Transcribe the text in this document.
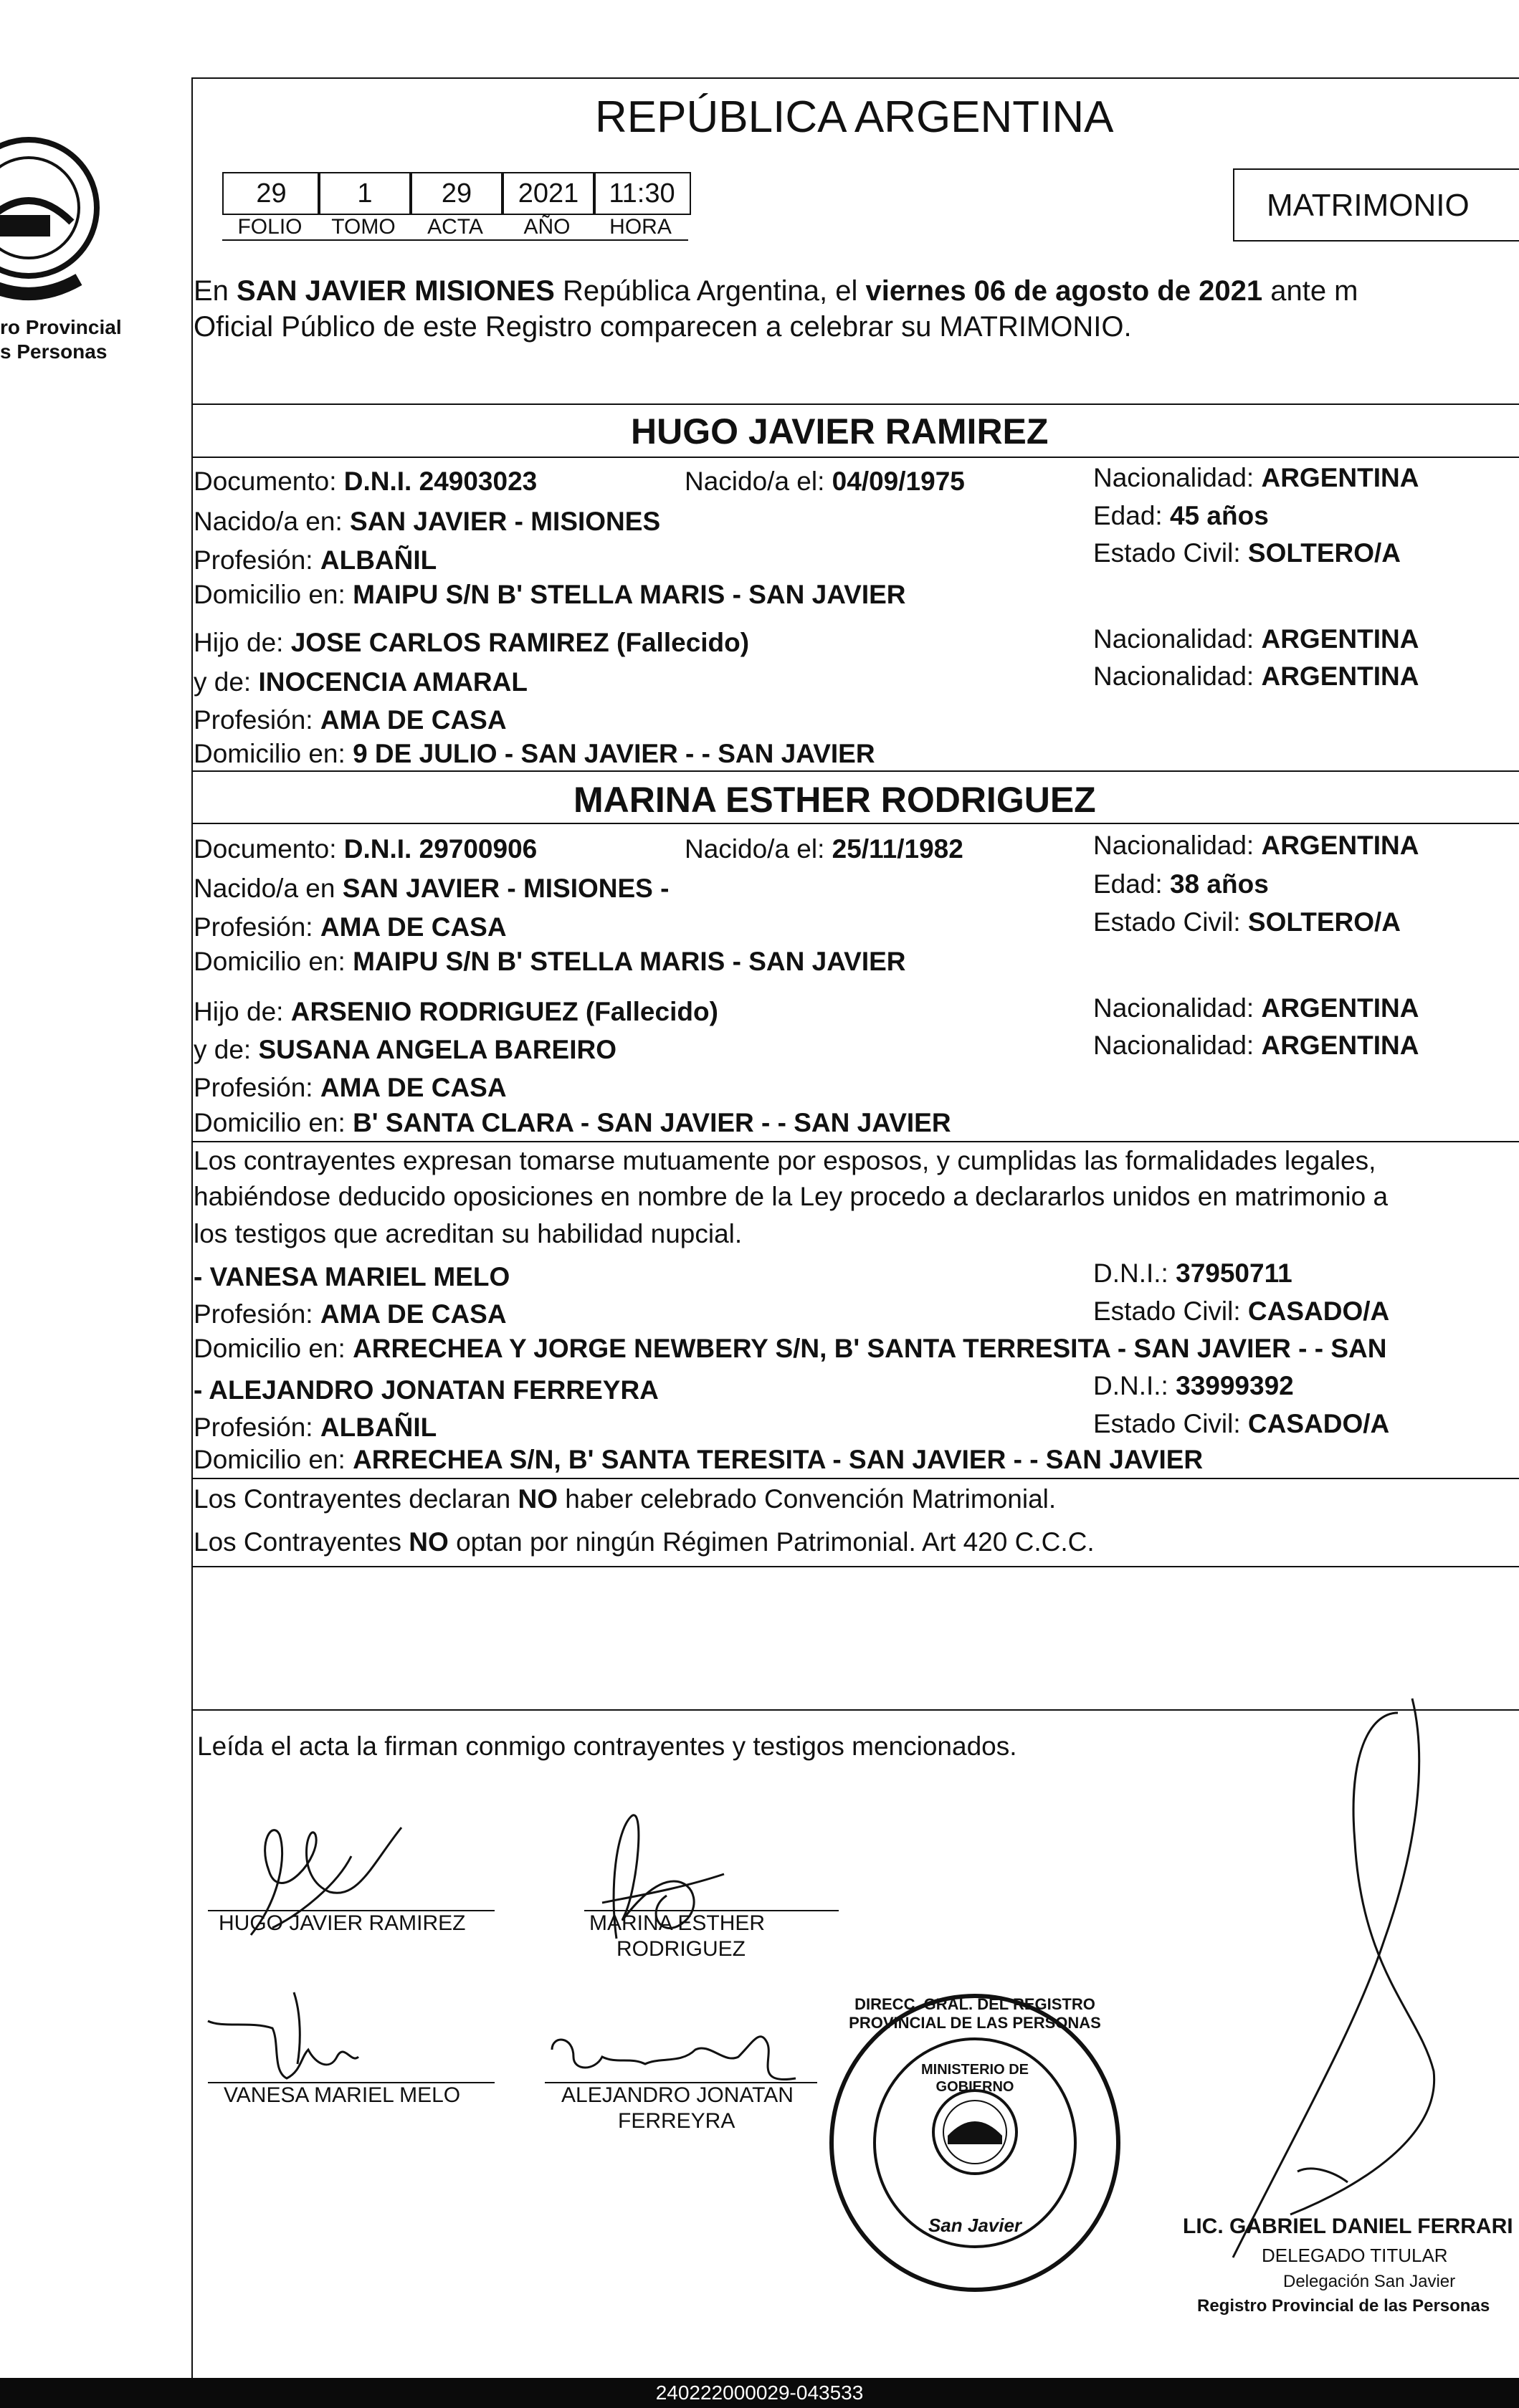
ro Provincial
s Personas
REPÚBLICA ARGENTINA
MATRIMONIO
29	1	29	2021	11:30
FOLIO	TOMO	ACTA	AÑO	HORA
En SAN JAVIER MISIONES República Argentina, el viernes 06 de agosto de 2021 ante m
Oficial Público de este Registro comparecen a celebrar su MATRIMONIO.
HUGO JAVIER RAMIREZ
Documento: D.N.I. 24903023	Nacido/a el: 04/09/1975	Nacionalidad: ARGENTINA
Nacido/a en: SAN JAVIER - MISIONES	Edad: 45 años
Profesión: ALBAÑIL	Estado Civil: SOLTERO/A
Domicilio en: MAIPU S/N B' STELLA MARIS - SAN JAVIER
Hijo de: JOSE CARLOS RAMIREZ (Fallecido)	Nacionalidad: ARGENTINA
y de: INOCENCIA AMARAL	Nacionalidad: ARGENTINA
Profesión: AMA DE CASA
Domicilio en: 9 DE JULIO - SAN JAVIER - - SAN JAVIER
MARINA ESTHER RODRIGUEZ
Documento: D.N.I. 29700906	Nacido/a el: 25/11/1982	Nacionalidad: ARGENTINA
Nacido/a en SAN JAVIER - MISIONES -	Edad: 38 años
Profesión: AMA DE CASA	Estado Civil: SOLTERO/A
Domicilio en: MAIPU S/N B' STELLA MARIS - SAN JAVIER
Hijo de: ARSENIO RODRIGUEZ (Fallecido)	Nacionalidad: ARGENTINA
y de: SUSANA ANGELA BAREIRO	Nacionalidad: ARGENTINA
Profesión: AMA DE CASA
Domicilio en: B' SANTA CLARA - SAN JAVIER - - SAN JAVIER
Los contrayentes expresan tomarse mutuamente por esposos, y cumplidas las formalidades legales,
habiéndose deducido oposiciones en nombre de la Ley procedo a declararlos unidos en matrimonio a
los testigos que acreditan su habilidad nupcial.
- VANESA MARIEL MELO	D.N.I.: 37950711
Profesión: AMA DE CASA	Estado Civil: CASADO/A
Domicilio en: ARRECHEA Y JORGE NEWBERY S/N, B' SANTA TERRESITA - SAN JAVIER - - SAN
- ALEJANDRO JONATAN FERREYRA	D.N.I.: 33999392
Profesión: ALBAÑIL	Estado Civil: CASADO/A
Domicilio en: ARRECHEA S/N, B' SANTA TERESITA - SAN JAVIER - - SAN JAVIER
Los Contrayentes declaran NO haber celebrado Convención Matrimonial.
Los Contrayentes NO optan por ningún Régimen Patrimonial. Art 420 C.C.C.
Leída el acta la firman conmigo contrayentes y testigos mencionados.
HUGO JAVIER RAMIREZ	MARINA ESTHER
RODRIGUEZ
VANESA MARIEL MELO	ALEJANDRO JONATAN
FERREYRA
DIRECC. GRAL. DEL REGISTRO PROVINCIAL DE LAS PERSONAS
MINISTERIO DE GOBIERNO
San Javier	LIC. GABRIEL DANIEL FERRARI
DELEGADO TITULAR
Delegación San Javier
Registro Provincial de las Personas
240222000029-043533
